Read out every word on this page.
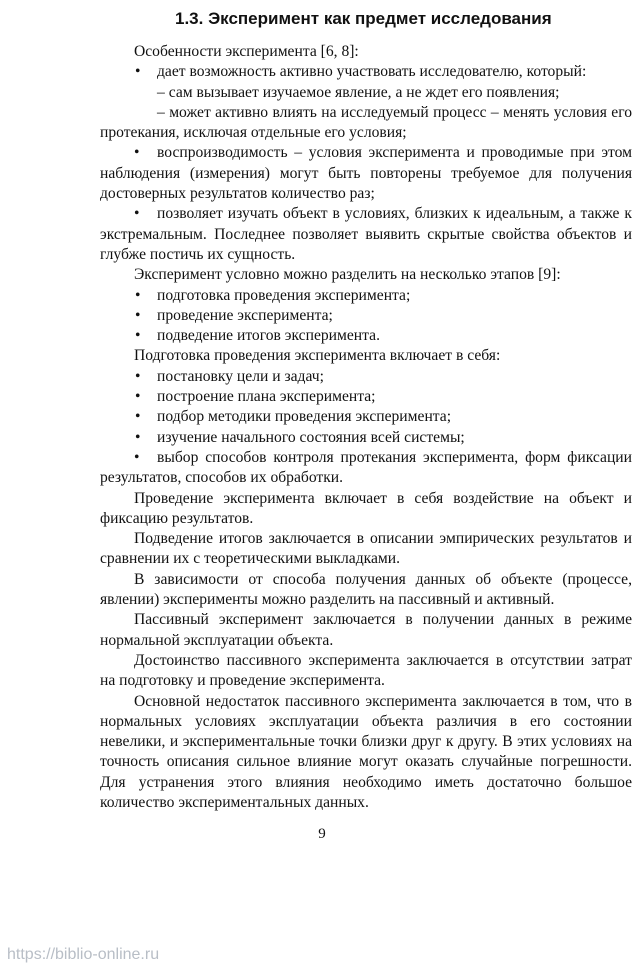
1.3. Эксперимент как предмет исследования

Особенности эксперимента [6, 8]:

• дает возможность активно участвовать исследователю, который:

– сам вызывает изучаемое явление, а не ждет его появления;

– может активно влиять на исследуемый процесс – менять условия его протекания, исключая отдельные его условия;

• воспроизводимость – условия эксперимента и проводимые при этом наблюдения (измерения) могут быть повторены требуемое для получения достоверных результатов количество раз;

• позволяет изучать объект в условиях, близких к идеальным, а также к экстремальным. Последнее позволяет выявить скрытые свойства объектов и глубже постичь их сущность.

Эксперимент условно можно разделить на несколько этапов [9]:

• подготовка проведения эксперимента;

• проведение эксперимента;

• подведение итогов эксперимента.

Подготовка проведения эксперимента включает в себя:

• постановку цели и задач;

• построение плана эксперимента;

• подбор методики проведения эксперимента;

• изучение начального состояния всей системы;

• выбор способов контроля протекания эксперимента, форм фиксации результатов, способов их обработки.

Проведение эксперимента включает в себя воздействие на объект и фиксацию результатов.

Подведение итогов заключается в описании эмпирических результатов и сравнении их с теоретическими выкладками.

В зависимости от способа получения данных об объекте (процессе, явлении) эксперименты можно разделить на пассивный и активный.

Пассивный эксперимент заключается в получении данных в режиме нормальной эксплуатации объекта.

Достоинство пассивного эксперимента заключается в отсутствии затрат на подготовку и проведение эксперимента.

Основной недостаток пассивного эксперимента заключается в том, что в нормальных условиях эксплуатации объекта различия в его состоянии невелики, и экспериментальные точки близки друг к другу. В этих условиях на точность описания сильное влияние могут оказать случайные погрешности. Для устранения этого влияния необходимо иметь достаточно большое количество экспериментальных данных.

9
https://biblio-online.ru
